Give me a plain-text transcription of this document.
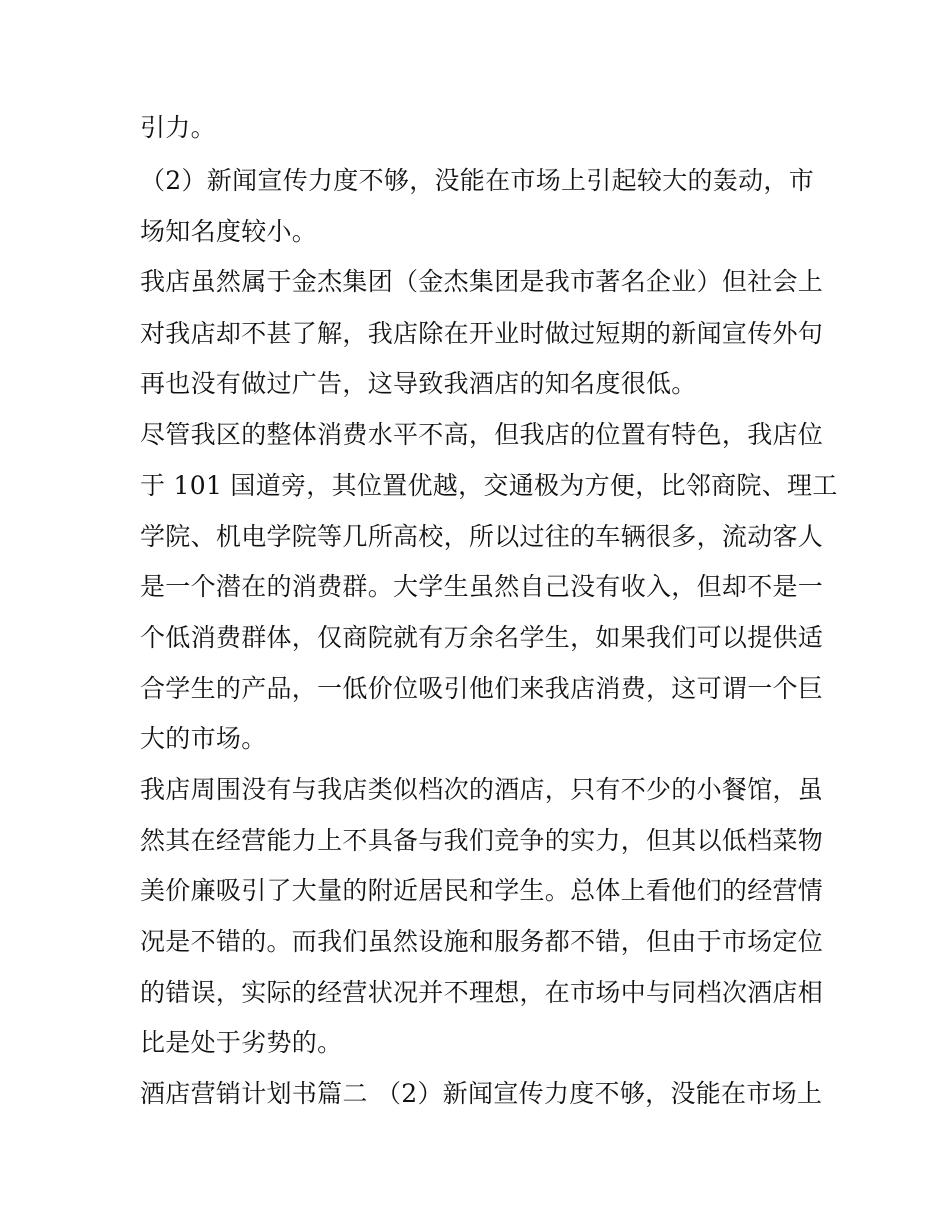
引力。
（2）新闻宣传力度不够，没能在市场上引起较大的轰动，市
场知名度较小。
我店虽然属于金杰集团（金杰集团是我市著名企业）但社会上
对我店却不甚了解，我店除在开业时做过短期的新闻宣传外句
再也没有做过广告，这导致我酒店的知名度很低。
尽管我区的整体消费水平不高，但我店的位置有特色，我店位
于 101 国道旁，其位置优越，交通极为方便，比邻商院、理工
学院、机电学院等几所高校，所以过往的车辆很多，流动客人
是一个潜在的消费群。大学生虽然自己没有收入，但却不是一
个低消费群体，仅商院就有万余名学生，如果我们可以提供适
合学生的产品，一低价位吸引他们来我店消费，这可谓一个巨
大的市场。
我店周围没有与我店类似档次的酒店，只有不少的小餐馆，虽
然其在经营能力上不具备与我们竞争的实力，但其以低档菜物
美价廉吸引了大量的附近居民和学生。总体上看他们的经营情
况是不错的。而我们虽然设施和服务都不错，但由于市场定位
的错误，实际的经营状况并不理想，在市场中与同档次酒店相
比是处于劣势的。
酒店营销计划书篇二 （2）新闻宣传力度不够，没能在市场上
